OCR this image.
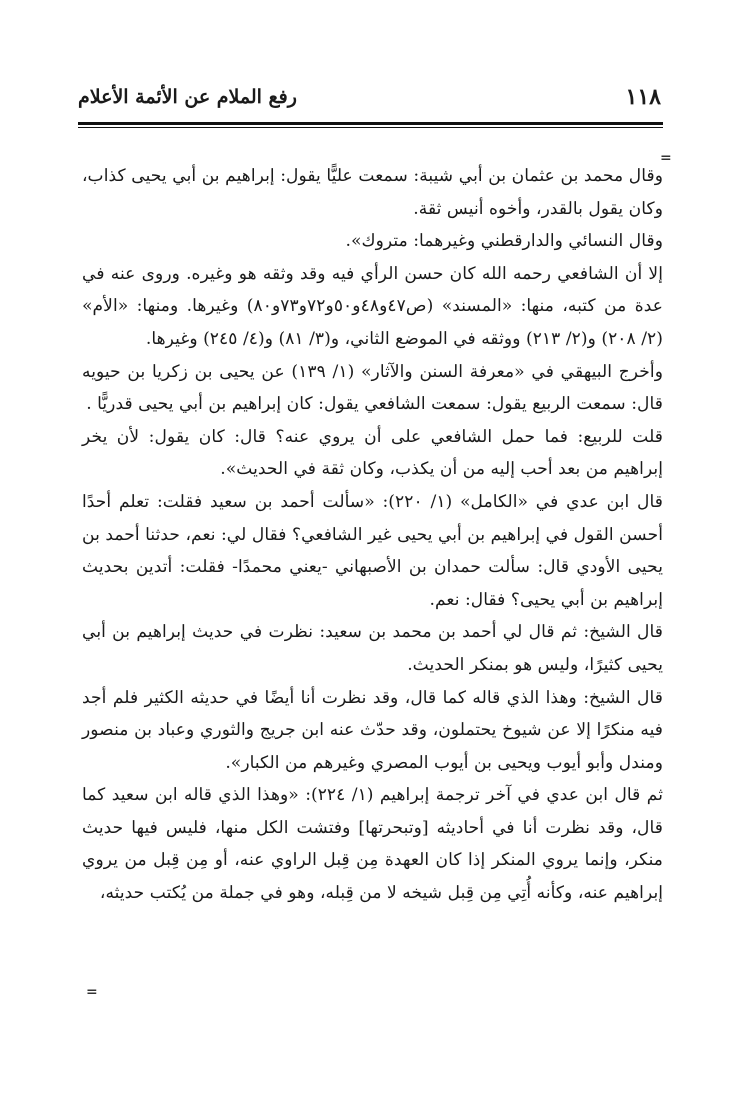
رفع الملام عن الأئمة الأعلام	١١٨
=

وقال محمد بن عثمان بن أبي شيبة: سمعت عليًّا يقول: إبراهيم بن أبي يحيى كذاب، وكان يقول بالقدر، وأخوه أنيس ثقة.

وقال النسائي والدارقطني وغيرهما: متروك».

إلا أن الشافعي رحمه الله كان حسن الرأي فيه وقد وثقه هو وغيره. وروى عنه في عدة من كتبه، منها: «المسند» (ص٤٧و٤٨و٥٠و٧٢و٧٣و٨٠) وغيرها. ومنها: «الأم» (٢/ ٢٠٨) و(٢/ ٢١٣) ووثقه في الموضع الثاني، و(٣/ ٨١) و(٤/ ٢٤٥) وغيرها.

وأخرج البيهقي في «معرفة السنن والآثار» (١/ ١٣٩) عن يحيى بن زكريا بن حيويه قال: سمعت الربيع يقول: سمعت الشافعي يقول: كان إبراهيم بن أبي يحيى قدريًّا .

قلت للربيع: فما حمل الشافعي على أن يروي عنه؟ قال: كان يقول: لأن يخر إبراهيم من بعد أحب إليه من أن يكذب، وكان ثقة في الحديث».

قال ابن عدي في «الكامل» (١/ ٢٢٠): «سألت أحمد بن سعيد فقلت: تعلم أحدًا أحسن القول في إبراهيم بن أبي يحيى غير الشافعي؟ فقال لي: نعم، حدثنا أحمد بن يحيى الأودي قال: سألت حمدان بن الأصبهاني -يعني محمدًا- فقلت: أتدين بحديث إبراهيم بن أبي يحيى؟ فقال: نعم.

قال الشيخ: ثم قال لي أحمد بن محمد بن سعيد: نظرت في حديث إبراهيم بن أبي يحيى كثيرًا، وليس هو بمنكر الحديث.

قال الشيخ: وهذا الذي قاله كما قال، وقد نظرت أنا أيضًا في حديثه الكثير فلم أجد فيه منكرًا إلا عن شيوخ يحتملون، وقد حدّث عنه ابن جريج والثوري وعباد بن منصور ومندل وأبو أيوب ويحيى بن أيوب المصري وغيرهم من الكبار».

ثم قال ابن عدي في آخر ترجمة إبراهيم (١/ ٢٢٤): «وهذا الذي قاله ابن سعيد كما قال، وقد نظرت أنا في أحاديثه [وتبحرتها] وفتشت الكل منها، فليس فيها حديث منكر، وإنما يروي المنكر إذا كان العهدة مِن قِبل الراوي عنه، أو مِن قِبل من يروي إبراهيم عنه، وكأنه أُتِي مِن قِبل شيخه لا من قِبله، وهو في جملة من يُكتب حديثه،

=
